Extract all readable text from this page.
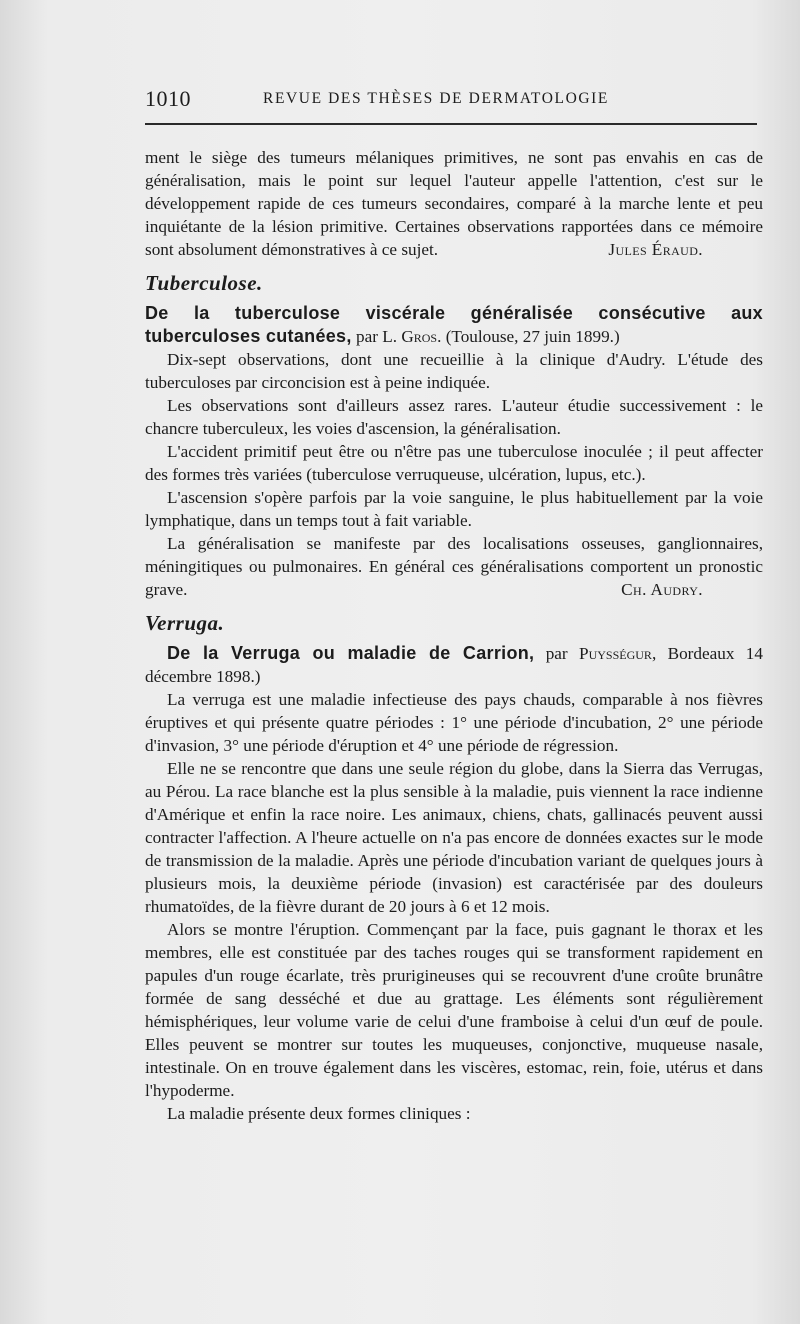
1010	REVUE DES THÈSES DE DERMATOLOGIE

ment le siège des tumeurs mélaniques primitives, ne sont pas envahis en cas de généralisation, mais le point sur lequel l'auteur appelle l'attention, c'est sur le développement rapide de ces tumeurs secondaires, comparé à la marche lente et peu inquiétante de la lésion primitive. Certaines observations rapportées dans ce mémoire sont absolument démonstratives à ce sujet.	Jules Éraud.

Tuberculose.

De la tuberculose viscérale généralisée consécutive aux tuberculoses cutanées, par L. Gros. (Toulouse, 27 juin 1899.)

Dix-sept observations, dont une recueillie à la clinique d'Audry. L'étude des tuberculoses par circoncision est à peine indiquée.

Les observations sont d'ailleurs assez rares. L'auteur étudie successivement : le chancre tuberculeux, les voies d'ascension, la généralisation.

L'accident primitif peut être ou n'être pas une tuberculose inoculée ; il peut affecter des formes très variées (tuberculose verruqueuse, ulcération, lupus, etc.).

L'ascension s'opère parfois par la voie sanguine, le plus habituellement par la voie lymphatique, dans un temps tout à fait variable.

La généralisation se manifeste par des localisations osseuses, ganglionnaires, méningitiques ou pulmonaires. En général ces généralisations comportent un pronostic grave.	Ch. Audry.

Verruga.

De la Verruga ou maladie de Carrion, par Puysségur, Bordeaux 14 décembre 1898.)

La verruga est une maladie infectieuse des pays chauds, comparable à nos fièvres éruptives et qui présente quatre périodes : 1° une période d'incubation, 2° une période d'invasion, 3° une période d'éruption et 4° une période de régression.

Elle ne se rencontre que dans une seule région du globe, dans la Sierra das Verrugas, au Pérou. La race blanche est la plus sensible à la maladie, puis viennent la race indienne d'Amérique et enfin la race noire. Les animaux, chiens, chats, gallinacés peuvent aussi contracter l'affection. A l'heure actuelle on n'a pas encore de données exactes sur le mode de transmission de la maladie. Après une période d'incubation variant de quelques jours à plusieurs mois, la deuxième période (invasion) est caractérisée par des douleurs rhumatoïdes, de la fièvre durant de 20 jours à 6 et 12 mois.

Alors se montre l'éruption. Commençant par la face, puis gagnant le thorax et les membres, elle est constituée par des taches rouges qui se transforment rapidement en papules d'un rouge écarlate, très prurigineuses qui se recouvrent d'une croûte brunâtre formée de sang desséché et due au grattage. Les éléments sont régulièrement hémisphériques, leur volume varie de celui d'une framboise à celui d'un œuf de poule. Elles peuvent se montrer sur toutes les muqueuses, conjonctive, muqueuse nasale, intestinale. On en trouve également dans les viscères, estomac, rein, foie, utérus et dans l'hypoderme.

La maladie présente deux formes cliniques :
